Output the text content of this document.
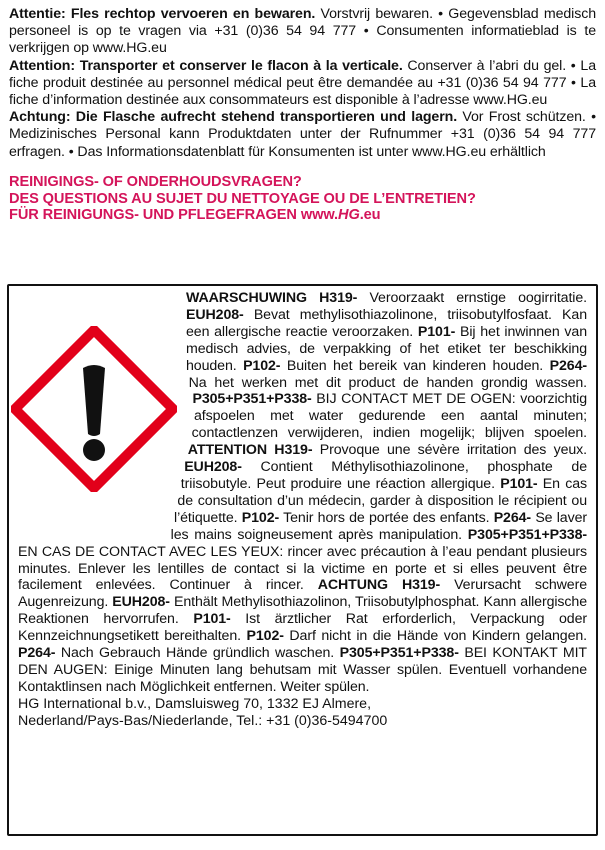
Attentie: Fles rechtop vervoeren en bewaren. Vorstvrij bewaren. • Gegevensblad medisch personeel is op te vragen via +31 (0)36 54 94 777 • Consumenten informatieblad is te verkrijgen op www.HG.eu

Attention: Transporter et conserver le flacon à la verticale. Conserver à l’abri du gel. • La fiche produit destinée au personnel médical peut être demandée au +31 (0)36 54 94 777 • La fiche d’information destinée aux consommateurs est disponible à l’adresse www.HG.eu

Achtung: Die Flasche aufrecht stehend transportieren und lagern. Vor Frost schützen. • Medizinisches Personal kann Produktdaten unter der Rufnummer +31 (0)36 54 94 777 erfragen. • Das Informationsdatenblatt für Konsumenten ist unter www.HG.eu erhältlich

REINIGINGS- OF ONDERHOUDSVRAGEN?
DES QUESTIONS AU SUJET DU NETTOYAGE OU DE L’ENTRETIEN?
FÜR REINIGUNGS- UND PFLEGEFRAGEN www.HG.eu

WAARSCHUWING H319- Veroorzaakt ernstige oogirritatie. EUH208- Bevat methylisothiazolinone, triisobutylfosfaat. Kan een allergische reactie veroorzaken. P101- Bij het inwinnen van medisch advies, de verpakking of het etiket ter beschikking houden. P102- Buiten het bereik van kinderen houden. P264- Na het werken met dit product de handen grondig wassen. P305+P351+P338- BIJ CONTACT MET DE OGEN: voorzichtig afspoelen met water gedurende een aantal minuten; contactlenzen verwijderen, indien mogelijk; blijven spoelen. ATTENTION H319- Provoque une sévère irritation des yeux. EUH208- Contient Méthylisothiazolinone, phosphate de triisobutyle. Peut produire une réaction allergique. P101- En cas de consultation d’un médecin, garder à disposition le récipient ou l’étiquette. P102- Tenir hors de portée des enfants. P264- Se laver les mains soigneusement après manipulation. P305+P351+P338- EN CAS DE CONTACT AVEC LES YEUX: rincer avec précaution à l’eau pendant plusieurs minutes. Enlever les lentilles de contact si la victime en porte et si elles peuvent être facilement enlevées. Continuer à rincer. ACHTUNG H319- Verursacht schwere Augenreizung. EUH208- Enthält Methylisothiazolinon, Triisobutylphosphat. Kann allergische Reaktionen hervorrufen. P101- Ist ärztlicher Rat erforderlich, Verpackung oder Kennzeichnungsetikett bereithalten. P102- Darf nicht in die Hände von Kindern gelangen. P264- Nach Gebrauch Hände gründlich waschen. P305+P351+P338- BEI KONTAKT MIT DEN AUGEN: Einige Minuten lang behutsam mit Wasser spülen. Eventuell vorhandene Kontaktlinsen nach Möglichkeit entfernen. Weiter spülen.

HG International b.v., Damsluisweg 70, 1332 EJ Almere,
Nederland/Pays-Bas/Niederlande, Tel.: +31 (0)36-5494700
